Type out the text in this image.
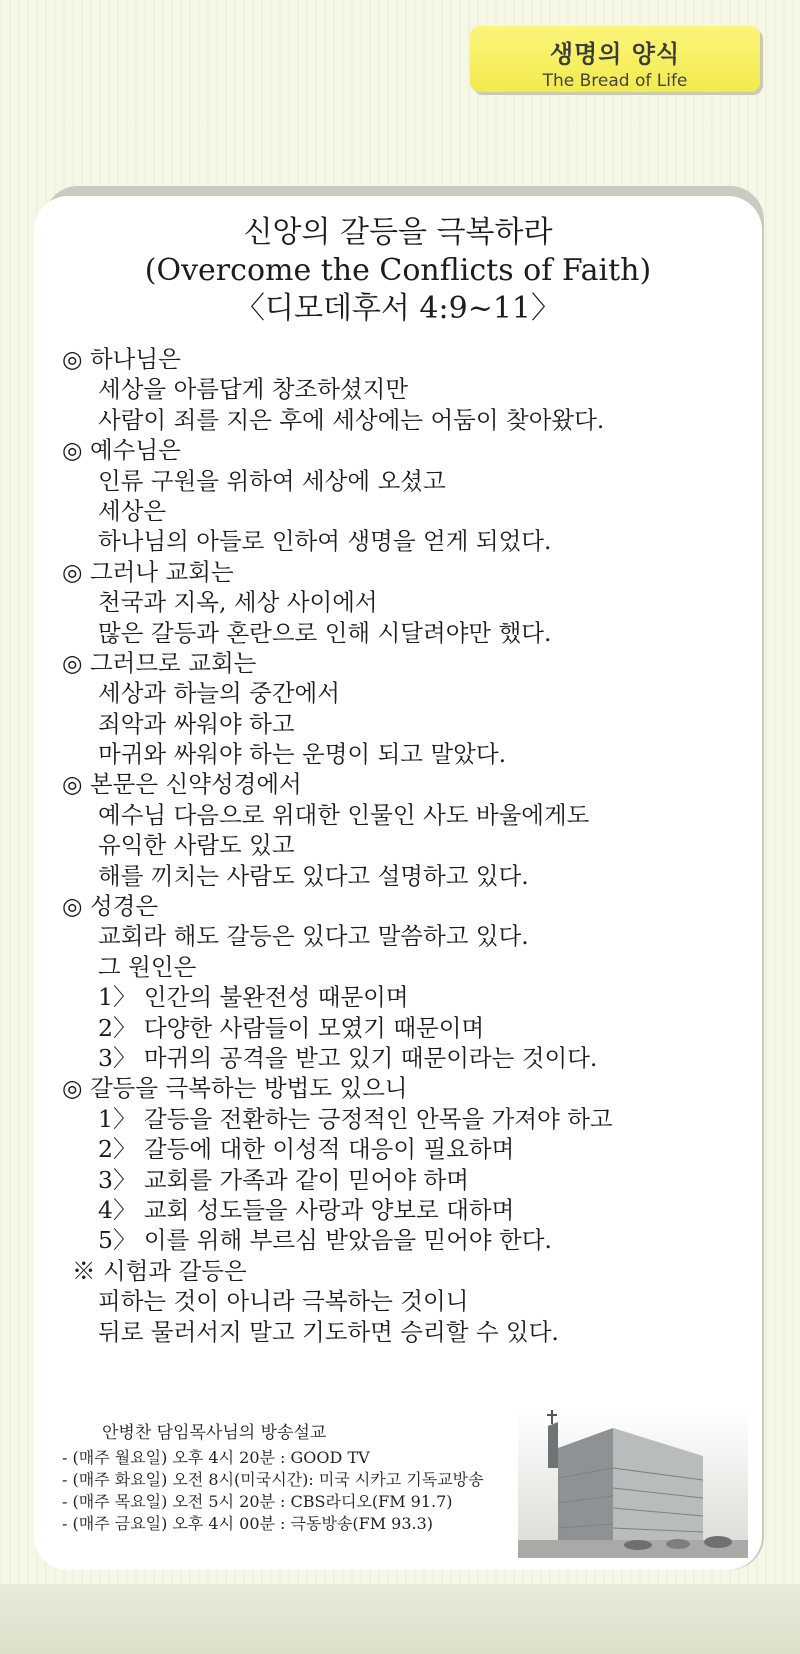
생명의 양식
The Bread of Life
신앙의 갈등을 극복하라
(Overcome the Conflicts of Faith)
〈디모데후서 4:9~11〉
◎ 하나님은
세상을 아름답게 창조하셨지만
사람이 죄를 지은 후에 세상에는 어둠이 찾아왔다.
◎ 예수님은
인류 구원을 위하여 세상에 오셨고
세상은
하나님의 아들로 인하여 생명을 얻게 되었다.
◎ 그러나 교회는
천국과 지옥, 세상 사이에서
많은 갈등과 혼란으로 인해 시달려야만 했다.
◎ 그러므로 교회는
세상과 하늘의 중간에서
죄악과 싸워야 하고
마귀와 싸워야 하는 운명이 되고 말았다.
◎ 본문은 신약성경에서
예수님 다음으로 위대한 인물인 사도 바울에게도
유익한 사람도 있고
해를 끼치는 사람도 있다고 설명하고 있다.
◎ 성경은
교회라 해도 갈등은 있다고 말씀하고 있다.
그 원인은
1〉 인간의 불완전성 때문이며
2〉 다양한 사람들이 모였기 때문이며
3〉 마귀의 공격을 받고 있기 때문이라는 것이다.
◎ 갈등을 극복하는 방법도 있으니
1〉 갈등을 전환하는 긍정적인 안목을 가져야 하고
2〉 갈등에 대한 이성적 대응이 필요하며
3〉 교회를 가족과 같이 믿어야 하며
4〉 교회 성도들을 사랑과 양보로 대하며
5〉 이를 위해 부르심 받았음을 믿어야 한다.
※ 시험과 갈등은
피하는 것이 아니라 극복하는 것이니
뒤로 물러서지 말고 기도하면 승리할 수 있다.
안병찬 담임목사님의 방송설교
- (매주 월요일) 오후 4시 20분 : GOOD TV
- (매주 화요일) 오전 8시(미국시간): 미국 시카고 기독교방송
- (매주 목요일) 오전 5시 20분 : CBS라디오(FM 91.7)
- (매주 금요일) 오후 4시 00분 : 극동방송(FM 93.3)
